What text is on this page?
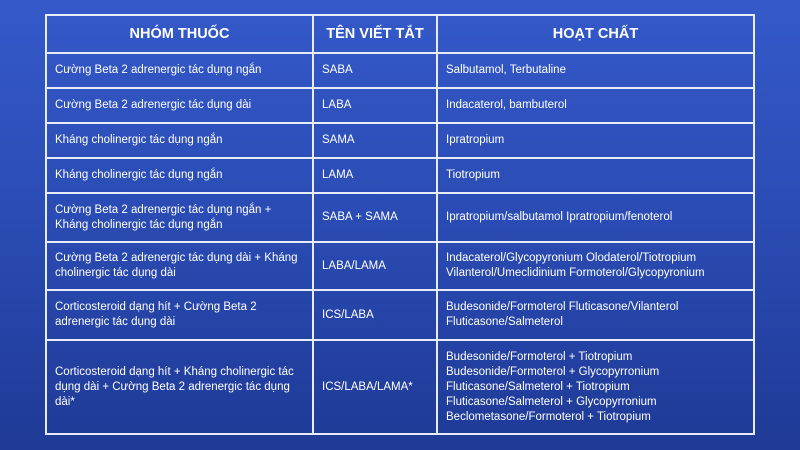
NHÓM THUỐC	TÊN VIẾT TẮT	HOẠT CHẤT
Cường Beta 2 adrenergic tác dụng ngắn	SABA	Salbutamol, Terbutaline

Cường Beta 2 adrenergic tác dụng dài	LABA	Indacaterol, bambuterol

Kháng cholinergic tác dụng ngắn	SAMA	Ipratropium

Kháng cholinergic tác dụng ngắn	LAMA	Tiotropium

Cường Beta 2 adrenergic tác dụng ngắn + Kháng cholinergic tác dụng ngắn	SABA + SAMA	Ipratropium/salbutamol Ipratropium/fenoterol

Cường Beta 2 adrenergic tác dụng dài + Kháng cholinergic tác dụng dài	LABA/LAMA	Indacaterol/Glycopyronium Olodaterol/Tiotropium
Vilanterol/Umeclidinium Formoterol/Glycopyronium

Corticosteroid dạng hít + Cường Beta 2 adrenergic tác dụng dài	ICS/LABA	Budesonide/Formoterol Fluticasone/Vilanterol
Fluticasone/Salmeterol

Corticosteroid dạng hít + Kháng cholinergic tác dụng dài + Cường Beta 2 adrenergic tác dụng dài*	ICS/LABA/LAMA*	Budesonide/Formoterol + Tiotropium
Budesonide/Formoterol + Glycopyrronium
Fluticasone/Salmeterol + Tiotropium
Fluticasone/Salmeterol + Glycopyrronium
Beclometasone/Formoterol + Tiotropium
